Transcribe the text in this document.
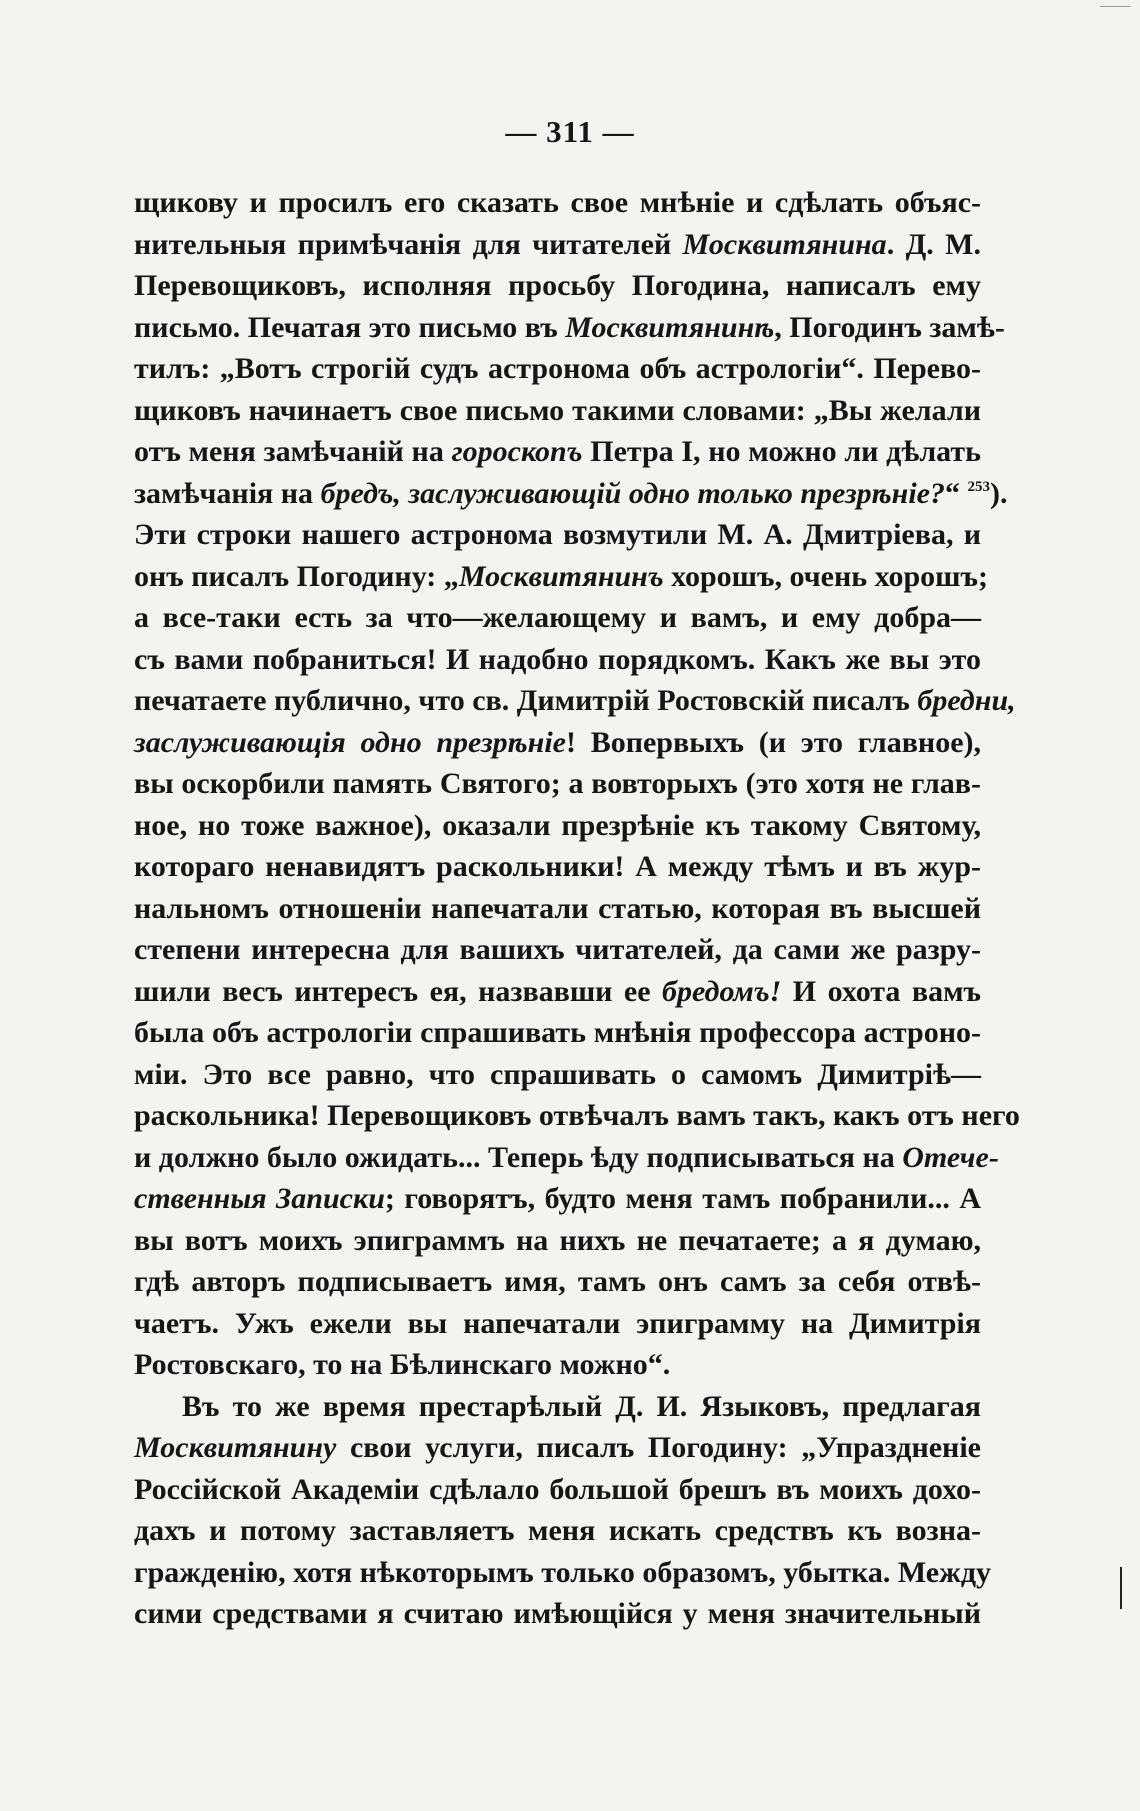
— 311 —
щикову и просилъ его сказать свое мнѣніе и сдѣлать объяс-
нительныя примѣчанія для читателей Москвитянина. Д. М.
Перевощиковъ, исполняя просьбу Погодина, написалъ ему
письмо. Печатая это письмо въ Москвитянинѣ, Погодинъ замѣ-
тилъ: „Вотъ строгій судъ астронома объ астрологіи“. Перево-
щиковъ начинаетъ свое письмо такими словами: „Вы желали
отъ меня замѣчаній на гороскопъ Петра I, но можно ли дѣлать
замѣчанія на бредъ, заслуживающій одно только презрѣніе?“ $^{253}$).
Эти строки нашего астронома возмутили М. А. Дмитріева, и
онъ писалъ Погодину: „Москвитянинъ хорошъ, очень хорошъ;
а все-таки есть за что—желающему и вамъ, и ему добра—
съ вами побраниться! И надобно порядкомъ. Какъ же вы это
печатаете публично, что св. Димитрій Ростовскій писалъ бредни,
заслуживающія одно презрѣніе! Вопервыхъ (и это главное),
вы оскорбили память Святого; а вовторыхъ (это хотя не глав-
ное, но тоже важное), оказали презрѣніе къ такому Святому,
котораго ненавидятъ раскольники! А между тѣмъ и въ жур-
нальномъ отношеніи напечатали статью, которая въ высшей
степени интересна для вашихъ читателей, да сами же разру-
шили весъ интересъ ея, назвавши ее бредомъ! И охота вамъ
была объ астрологіи спрашивать мнѣнія профессора астроно-
міи. Это все равно, что спрашивать о самомъ Димитріѣ—
раскольника! Перевощиковъ отвѣчалъ вамъ такъ, какъ отъ него
и должно было ожидать... Теперь ѣду подписываться на Отече-
ственныя Записки; говорятъ, будто меня тамъ побранили... А
вы вотъ моихъ эпиграммъ на нихъ не печатаете; а я думаю,
гдѣ авторъ подписываетъ имя, тамъ онъ самъ за себя отвѣ-
чаетъ. Ужъ ежели вы напечатали эпиграмму на Димитрія
Ростовскаго, то на Бѣлинскаго можно“.
Въ то же время престарѣлый Д. И. Языковъ, предлагая
Москвитянину свои услуги, писалъ Погодину: „Упраздненіе
Россійской Академіи сдѣлало большой брешъ въ моихъ дохо-
дахъ и потому заставляетъ меня искать средствъ къ возна-
гражденію, хотя нѣкоторымъ только образомъ, убытка. Между
сими средствами я считаю имѣющійся у меня значительный
